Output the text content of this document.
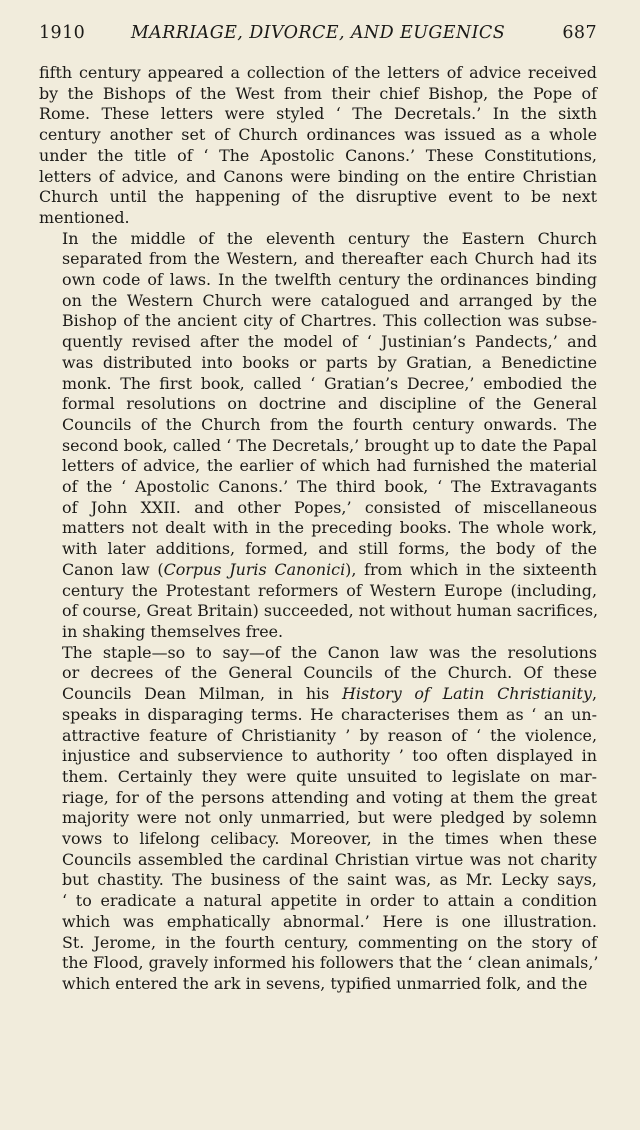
1910	MARRIAGE, DIVORCE, AND EUGENICS	687

fifth century appeared a collection of the letters of advice received
by the Bishops of the West from their chief Bishop, the Pope of
Rome. These letters were styled ‘ The Decretals.’ In the sixth
century another set of Church ordinances was issued as a whole
under the title of ‘ The Apostolic Canons.’ These Constitutions,
letters of advice, and Canons were binding on the entire Christian
Church until the happening of the disruptive event to be next
mentioned.

In the middle of the eleventh century the Eastern Church
separated from the Western, and thereafter each Church had its
own code of laws. In the twelfth century the ordinances binding
on the Western Church were catalogued and arranged by the
Bishop of the ancient city of Chartres. This collection was subse-
quently revised after the model of ‘ Justinian’s Pandects,’ and
was distributed into books or parts by Gratian, a Benedictine
monk. The first book, called ‘ Gratian’s Decree,’ embodied the
formal resolutions on doctrine and discipline of the General
Councils of the Church from the fourth century onwards. The
second book, called ‘ The Decretals,’ brought up to date the Papal
letters of advice, the earlier of which had furnished the material
of the ‘ Apostolic Canons.’ The third book, ‘ The Extravagants
of John XXII. and other Popes,’ consisted of miscellaneous
matters not dealt with in the preceding books. The whole work,
with later additions, formed, and still forms, the body of the
Canon law (Corpus Juris Canonici), from which in the sixteenth
century the Protestant reformers of Western Europe (including,
of course, Great Britain) succeeded, not without human sacrifices,
in shaking themselves free.

The staple—so to say—of the Canon law was the resolutions
or decrees of the General Councils of the Church. Of these
Councils Dean Milman, in his History of Latin Christianity,
speaks in disparaging terms. He characterises them as ‘ an un-
attractive feature of Christianity ’ by reason of ‘ the violence,
injustice and subservience to authority ’ too often displayed in
them. Certainly they were quite unsuited to legislate on mar-
riage, for of the persons attending and voting at them the great
majority were not only unmarried, but were pledged by solemn
vows to lifelong celibacy. Moreover, in the times when these
Councils assembled the cardinal Christian virtue was not charity
but chastity. The business of the saint was, as Mr. Lecky says,
‘ to eradicate a natural appetite in order to attain a condition
which was emphatically abnormal.’ Here is one illustration.
St. Jerome, in the fourth century, commenting on the story of
the Flood, gravely informed his followers that the ‘ clean animals,’
which entered the ark in sevens, typified unmarried folk, and the
